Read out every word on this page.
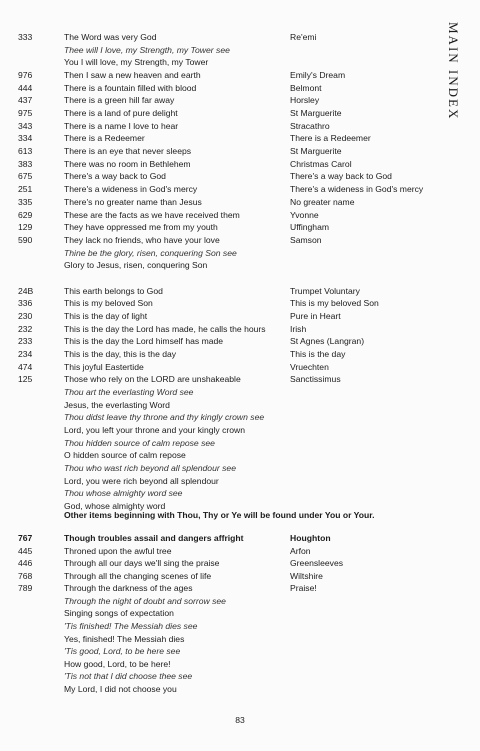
333	The Word was very God	Re'emi
Thee will I love, my Strength, my Tower see
You I will love, my Strength, my Tower
976	Then I saw a new heaven and earth	Emily's Dream
444	There is a fountain filled with blood	Belmont
437	There is a green hill far away	Horsley
975	There is a land of pure delight	St Marguerite
343	There is a name I love to hear	Stracathro
334	There is a Redeemer	There is a Redeemer
613	There is an eye that never sleeps	St Marguerite
383	There was no room in Bethlehem	Christmas Carol
675	There's a way back to God	There's a way back to God
251	There's a wideness in God's mercy	There's a wideness in God's mercy
335	There's no greater name than Jesus	No greater name
629	These are the facts as we have received them	Yvonne
129	They have oppressed me from my youth	Uffingham
590	They lack no friends, who have your love	Samson
Thine be the glory, risen, conquering Son see
Glory to Jesus, risen, conquering Son
24B	This earth belongs to God	Trumpet Voluntary
336	This is my beloved Son	This is my beloved Son
230	This is the day of light	Pure in Heart
232	This is the day the Lord has made, he calls the hours	Irish
233	This is the day the Lord himself has made	St Agnes (Langran)
234	This is the day, this is the day	This is the day
474	This joyful Eastertide	Vruechten
125	Those who rely on the LORD are unshakeable	Sanctissimus
Thou art the everlasting Word see
Jesus, the everlasting Word
Thou didst leave thy throne and thy kingly crown see
Lord, you left your throne and your kingly crown
Thou hidden source of calm repose see
O hidden source of calm repose
Thou who wast rich beyond all splendour see
Lord, you were rich beyond all splendour
Thou whose almighty word see
God, whose almighty word
767	Though troubles assail and dangers affright	Houghton
445	Throned upon the awful tree	Arfon
446	Through all our days we'll sing the praise	Greensleeves
768	Through all the changing scenes of life	Wiltshire
789	Through the darkness of the ages	Praise!
Through the night of doubt and sorrow see
Singing songs of expectation
'Tis finished! The Messiah dies see
Yes, finished! The Messiah dies
'Tis good, Lord, to be here see
How good, Lord, to be here!
'Tis not that I did choose thee see
My Lord, I did not choose you
Other items beginning with Thou, Thy or Ye will be found under You or Your.
MAIN INDEX
83
